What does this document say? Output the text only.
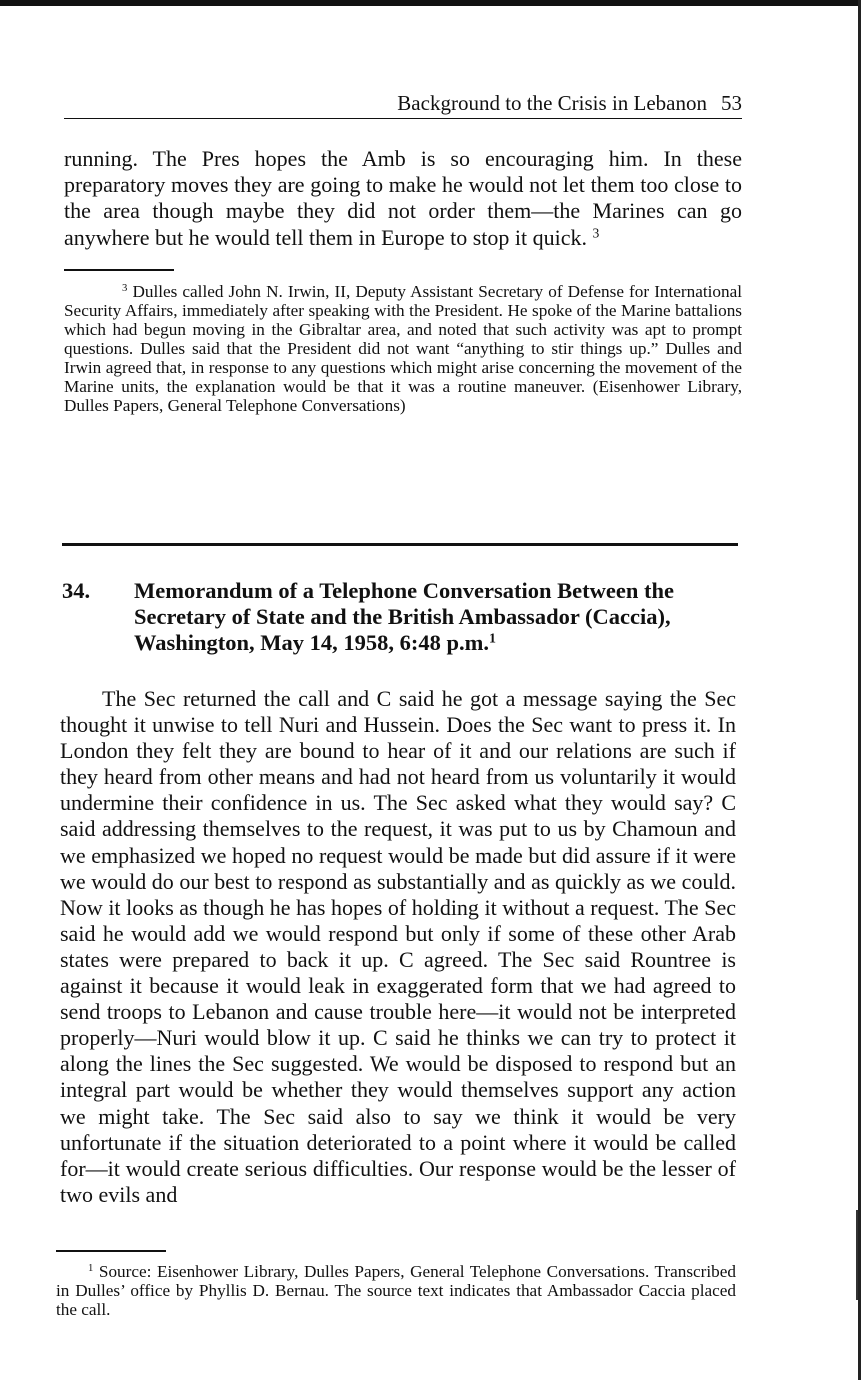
Background to the Crisis in Lebanon 53

running. The Pres hopes the Amb is so encouraging him. In these preparatory moves they are going to make he would not let them too close to the area though maybe they did not order them—the Marines can go anywhere but he would tell them in Europe to stop it quick. $^3$

$^3$ Dulles called John N. Irwin, II, Deputy Assistant Secretary of Defense for International Security Affairs, immediately after speaking with the President. He spoke of the Marine battalions which had begun moving in the Gibraltar area, and noted that such activity was apt to prompt questions. Dulles said that the President did not want “anything to stir things up.” Dulles and Irwin agreed that, in response to any questions which might arise concerning the movement of the Marine units, the explanation would be that it was a routine maneuver. (Eisenhower Library, Dulles Papers, General Telephone Conversations)

34. Memorandum of a Telephone Conversation Between the Secretary of State and the British Ambassador (Caccia), Washington, May 14, 1958, 6:48 p.m.$^1$

The Sec returned the call and C said he got a message saying the Sec thought it unwise to tell Nuri and Hussein. Does the Sec want to press it. In London they felt they are bound to hear of it and our relations are such if they heard from other means and had not heard from us voluntarily it would undermine their confidence in us. The Sec asked what they would say? C said addressing themselves to the request, it was put to us by Chamoun and we emphasized we hoped no request would be made but did assure if it were we would do our best to respond as substantially and as quickly as we could. Now it looks as though he has hopes of holding it without a request. The Sec said he would add we would respond but only if some of these other Arab states were prepared to back it up. C agreed. The Sec said Rountree is against it because it would leak in exaggerated form that we had agreed to send troops to Lebanon and cause trouble here—it would not be interpreted properly—Nuri would blow it up. C said he thinks we can try to protect it along the lines the Sec suggested. We would be disposed to respond but an integral part would be whether they would themselves support any action we might take. The Sec said also to say we think it would be very unfortunate if the situation deteriorated to a point where it would be called for—it would create serious difficulties. Our response would be the lesser of two evils and

$^1$ Source: Eisenhower Library, Dulles Papers, General Telephone Conversations. Transcribed in Dulles’ office by Phyllis D. Bernau. The source text indicates that Ambassador Caccia placed the call.
